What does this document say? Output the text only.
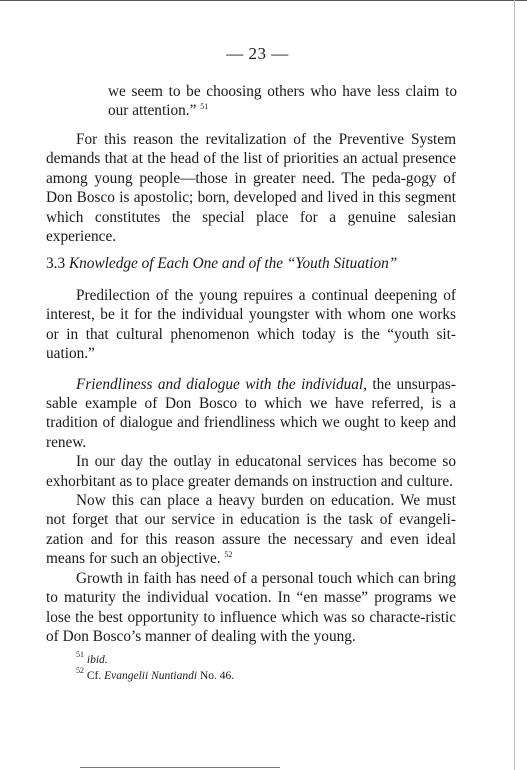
— 23 —

we seem to be choosing others who have less claim to our attention.” $^{51}$

For this reason the revitalization of the Preventive System demands that at the head of the list of priorities an actual presence among young people—those in greater need. The peda-gogy of Don Bosco is apostolic; born, developed and lived in this segment which constitutes the special place for a genuine salesian experience.

3.3 Knowledge of Each One and of the “Youth Situation”

Predilection of the young repuires a continual deepening of interest, be it for the individual youngster with whom one works or in that cultural phenomenon which today is the “youth sit-uation.”

Friendliness and dialogue with the individual, the unsurpas-sable example of Don Bosco to which we have referred, is a tradition of dialogue and friendliness which we ought to keep and renew.

In our day the outlay in educatonal services has become so exhorbitant as to place greater demands on instruction and culture.

Now this can place a heavy burden on education. We must not forget that our service in education is the task of evangeli-zation and for this reason assure the necessary and even ideal means for such an objective. $^{52}$

Growth in faith has need of a personal touch which can bring to maturity the individual vocation. In “en masse” programs we lose the best opportunity to influence which was so characte-ristic of Don Bosco’s manner of dealing with the young.

$^{51}$ ibid.

$^{52}$ Cf. Evangelii Nuntiandi No. 46.
